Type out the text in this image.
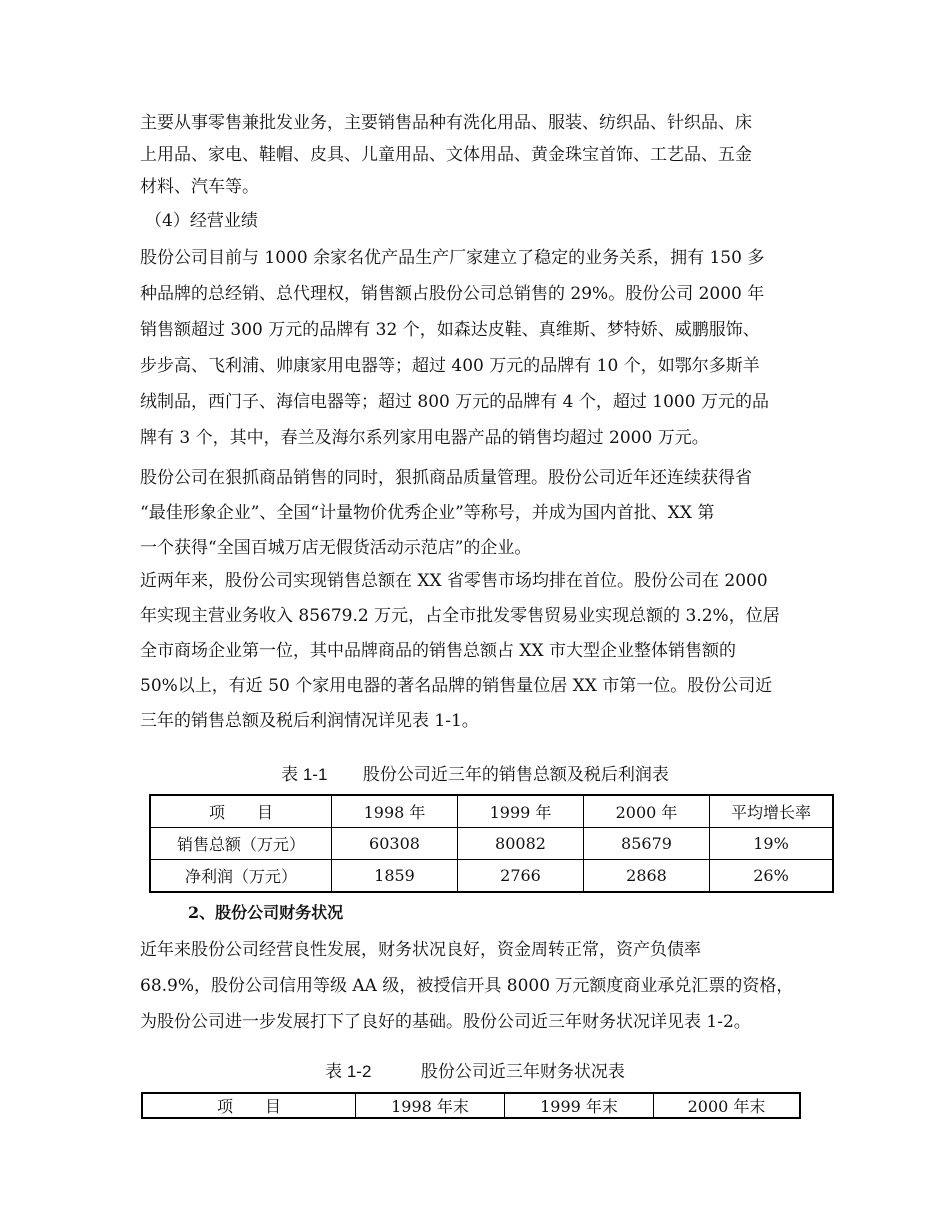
主要从事零售兼批发业务，主要销售品种有洗化用品、服装、纺织品、针织品、床
上用品、家电、鞋帽、皮具、儿童用品、文体用品、黄金珠宝首饰、工艺品、五金
材料、汽车等。
（4）经营业绩
股份公司目前与 1000 余家名优产品生产厂家建立了稳定的业务关系，拥有 150 多
种品牌的总经销、总代理权，销售额占股份公司总销售的 29%。股份公司 2000 年
销售额超过 300 万元的品牌有 32 个，如森达皮鞋、真维斯、梦特娇、威鹏服饰、
步步高、飞利浦、帅康家用电器等；超过 400 万元的品牌有 10 个，如鄂尔多斯羊
绒制品，西门子、海信电器等；超过 800 万元的品牌有 4 个，超过 1000 万元的品
牌有 3 个，其中，春兰及海尔系列家用电器产品的销售均超过 2000 万元。
股份公司在狠抓商品销售的同时，狠抓商品质量管理。股份公司近年还连续获得省
“最佳形象企业”、全国“计量物价优秀企业”等称号，并成为国内首批、XX 第
一个获得“全国百城万店无假货活动示范店”的企业。
近两年来，股份公司实现销售总额在 XX 省零售市场均排在首位。股份公司在 2000
年实现主营业务收入 85679.2 万元，占全市批发零售贸易业实现总额的 3.2%，位居
全市商场企业第一位，其中品牌商品的销售总额占 XX 市大型企业整体销售额的
50%以上，有近 50 个家用电器的著名品牌的销售量位居 XX 市第一位。股份公司近
三年的销售总额及税后利润情况详见表 1-1。
表 1-1 股份公司近三年的销售总额及税后利润表
项　　目	1998 年	1999 年	2000 年	平均增长率
销售总额（万元）	60308	80082	85679	19%
净利润（万元）	1859	2766	2868	26%
2、股份公司财务状况
近年来股份公司经营良性发展，财务状况良好，资金周转正常，资产负债率
68.9%，股份公司信用等级 AA 级，被授信开具 8000 万元额度商业承兑汇票的资格，
为股份公司进一步发展打下了良好的基础。股份公司近三年财务状况详见表 1-2。
表 1-2	股份公司近三年财务状况表
项　　目	1998 年末	1999 年末	2000 年末
